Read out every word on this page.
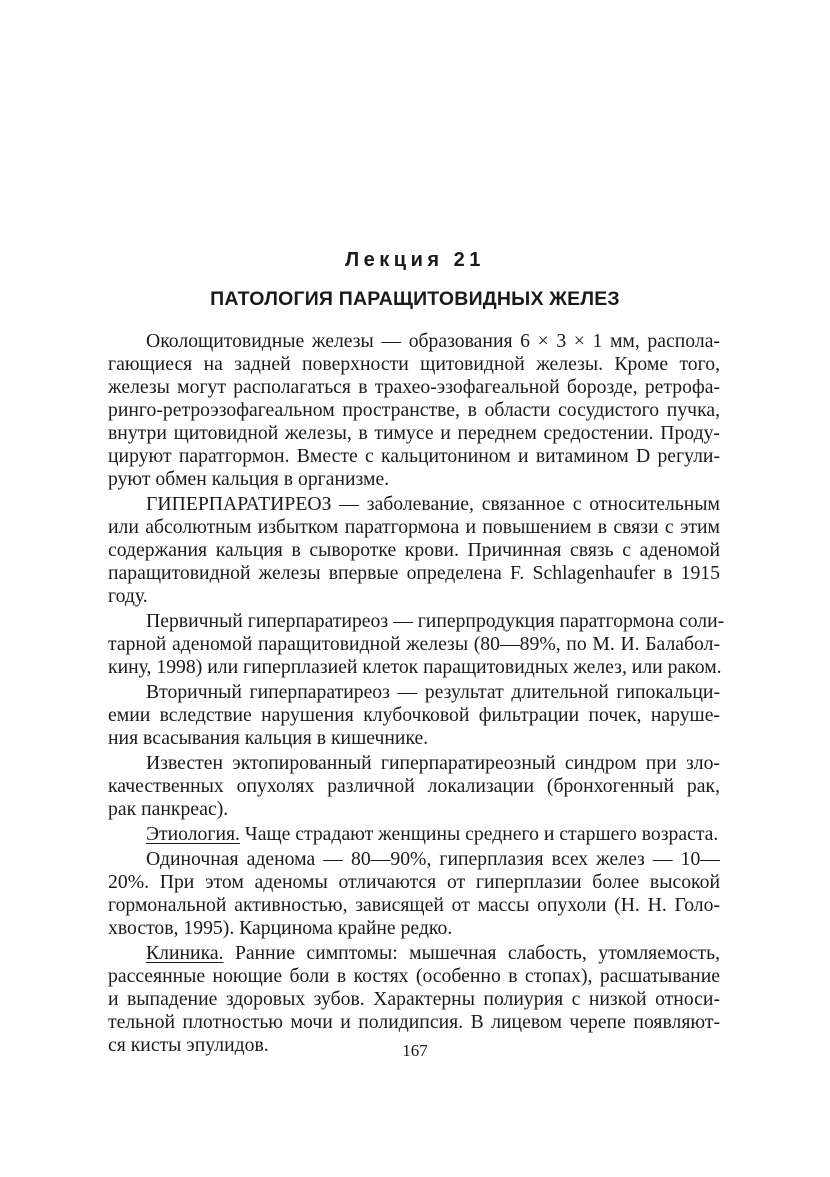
Лекция 21
ПАТОЛОГИЯ ПАРАЩИТОВИДНЫХ ЖЕЛЕЗ
Околощитовидные железы — образования 6 × 3 × 1 мм, распола-
гающиеся на задней поверхности щитовидной железы. Кроме того,
железы могут располагаться в трахео-эзофагеальной борозде, ретрофа-
ринго-ретроэзофагеальном пространстве, в области сосудистого пучка,
внутри щитовидной железы, в тимусе и переднем средостении. Проду-
цируют паратгормон. Вместе с кальцитонином и витамином D регули-
руют обмен кальция в организме.
ГИПЕРПАРАТИРЕОЗ — заболевание, связанное с относительным
или абсолютным избытком паратгормона и повышением в связи с этим
содержания кальция в сыворотке крови. Причинная связь с аденомой
паращитовидной железы впервые определена F. Schlagenhaufer в 1915
году.
Первичный гиперпаратиреоз — гиперпродукция паратгормона соли-
тарной аденомой паращитовидной железы (80—89%, по М. И. Балабол-
кину, 1998) или гиперплазией клеток паращитовидных желез, или раком.
Вторичный гиперпаратиреоз — результат длительной гипокальци-
емии вследствие нарушения клубочковой фильтрации почек, наруше-
ния всасывания кальция в кишечнике.
Известен эктопированный гиперпаратиреозный синдром при зло-
качественных опухолях различной локализации (бронхогенный рак,
рак панкреас).
Этиология. Чаще страдают женщины среднего и старшего возраста.
Одиночная аденома — 80—90%, гиперплазия всех желез — 10—
20%. При этом аденомы отличаются от гиперплазии более высокой
гормональной активностью, зависящей от массы опухоли (Н. Н. Голо-
хвостов, 1995). Карцинома крайне редко.
Клиника. Ранние симптомы: мышечная слабость, утомляемость,
рассеянные ноющие боли в костях (особенно в стопах), расшатывание
и выпадение здоровых зубов. Характерны полиурия с низкой относи-
тельной плотностью мочи и полидипсия. В лицевом черепе появляют-
ся кисты эпулидов.	167
